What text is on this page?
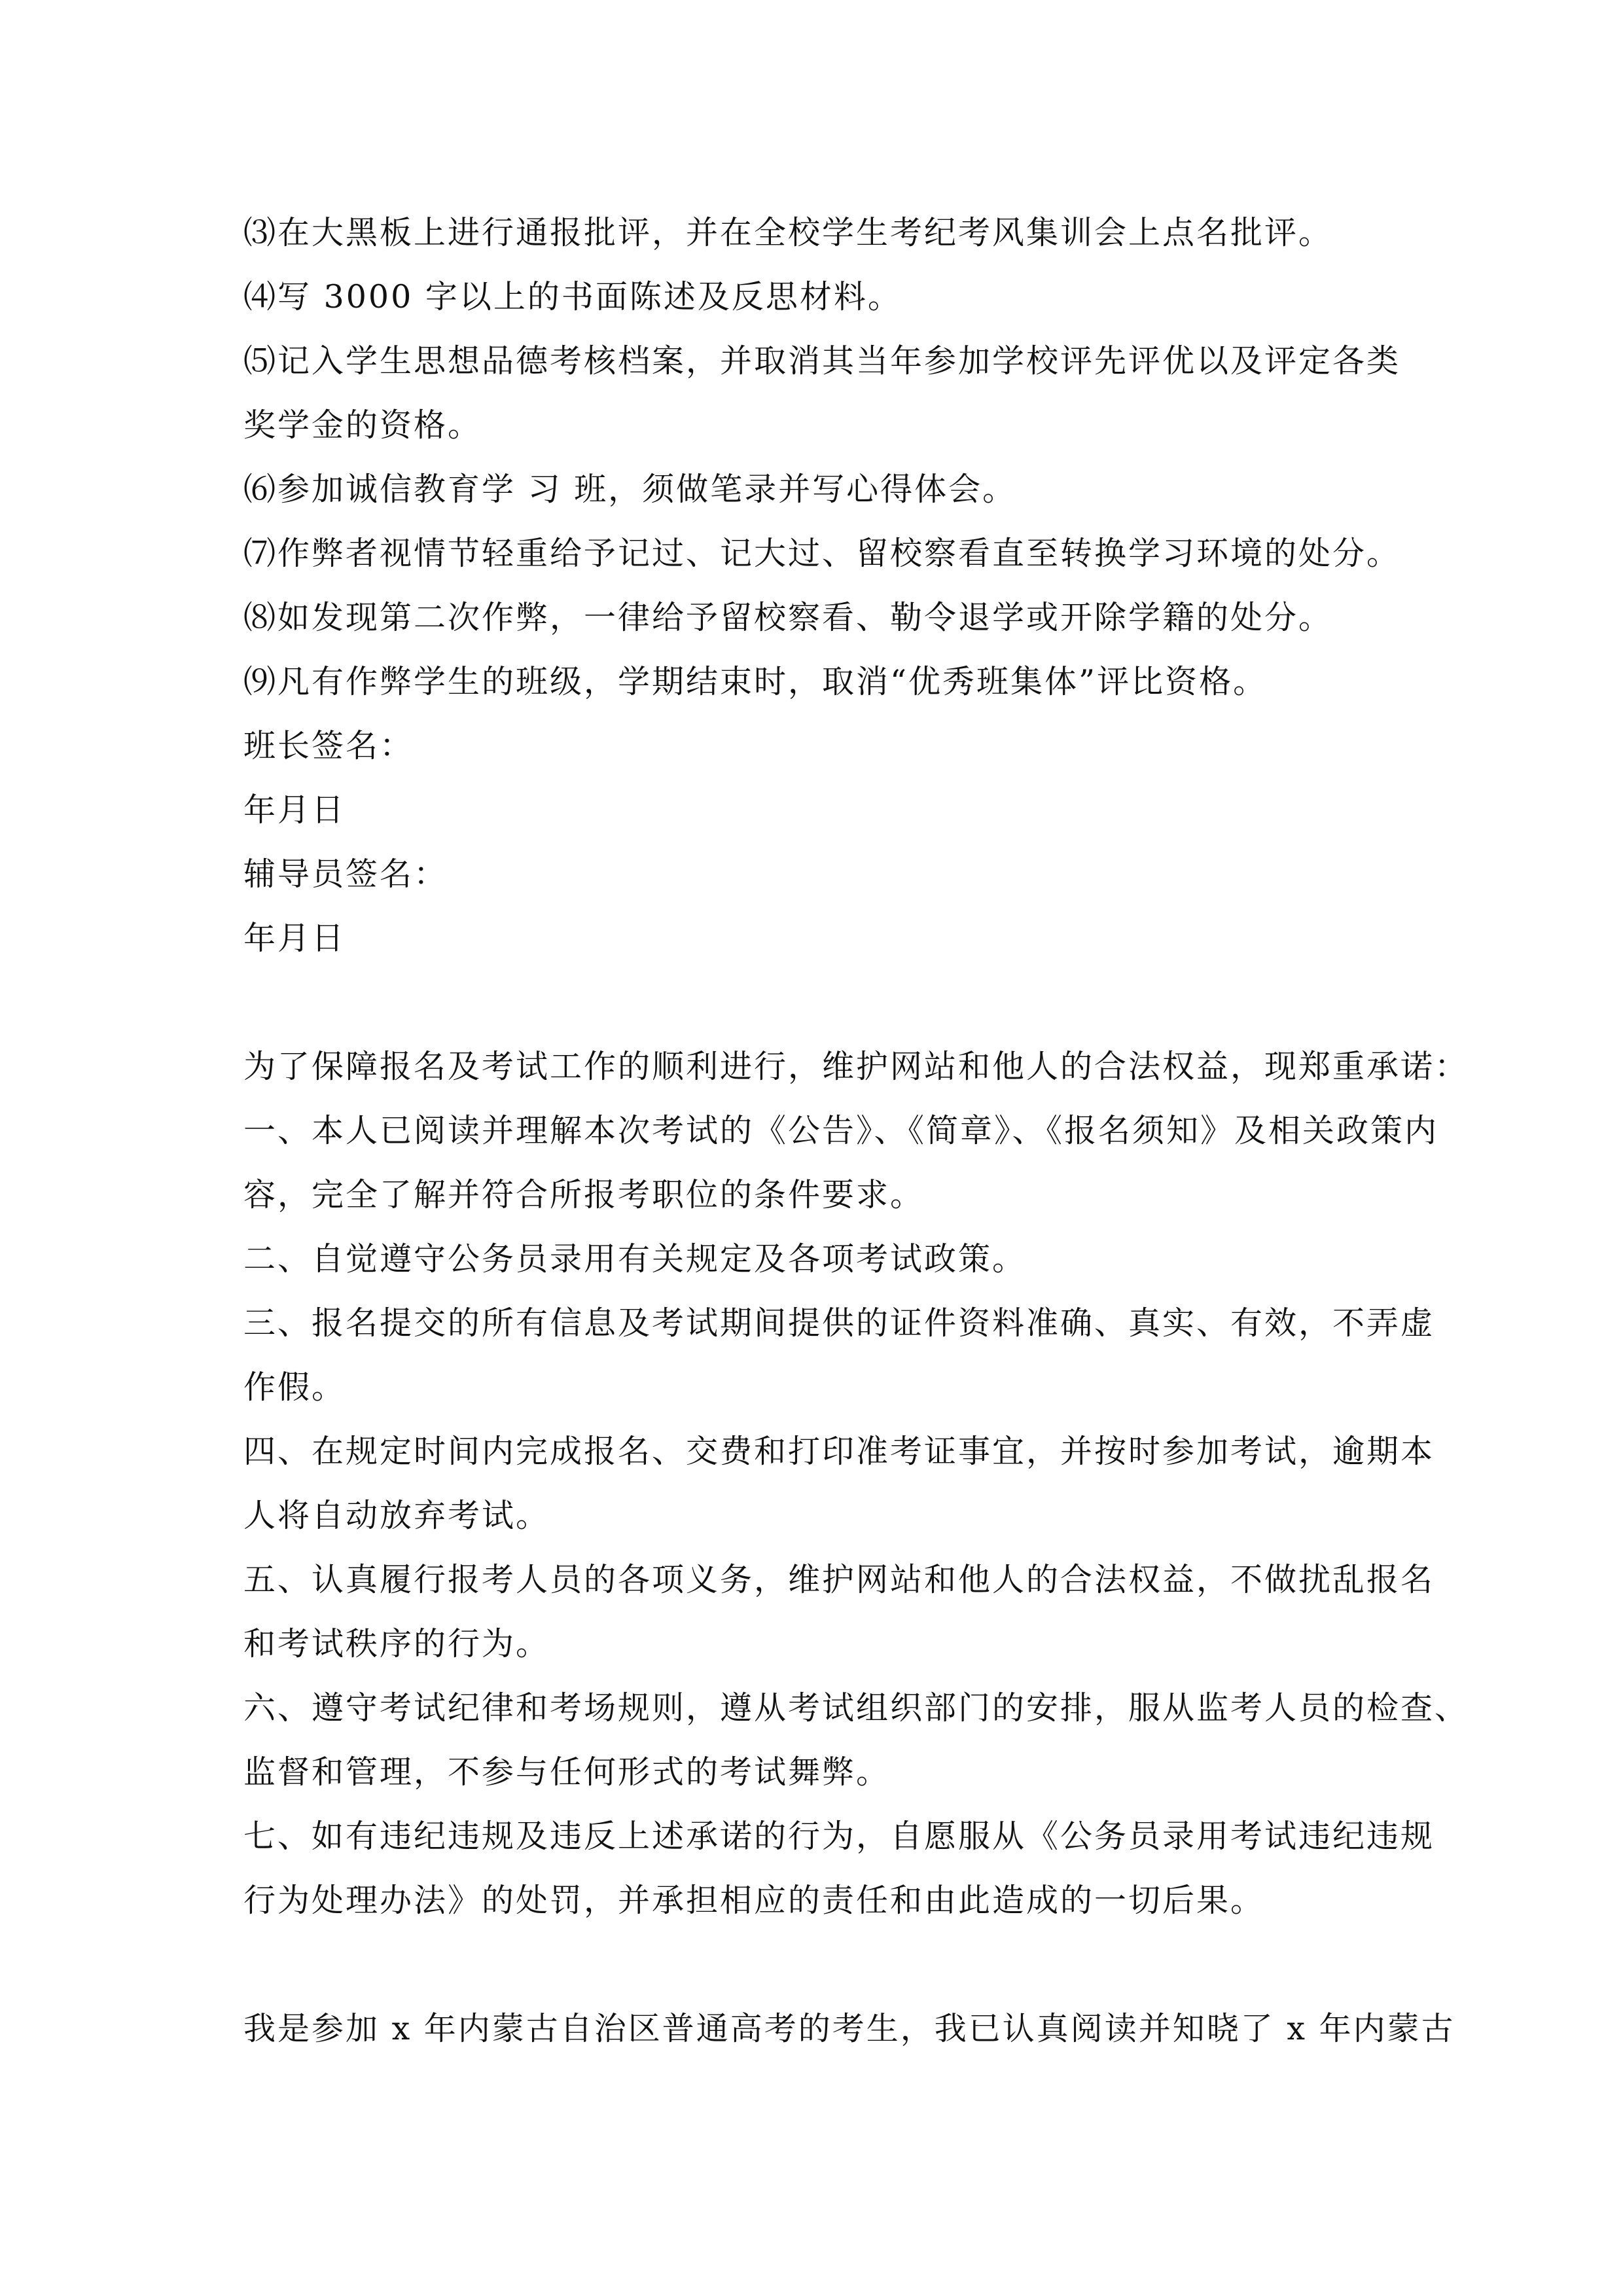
⑶在大黑板上进行通报批评，并在全校学生考纪考风集训会上点名批评。
⑷写 3000 字以上的书面陈述及反思材料。
⑸记入学生思想品德考核档案，并取消其当年参加学校评先评优以及评定各类
奖学金的资格。
⑹参加诚信教育学 习 班，须做笔录并写心得体会。
⑺作弊者视情节轻重给予记过、记大过、留校察看直至转换学习环境的处分。
⑻如发现第二次作弊，一律给予留校察看、勒令退学或开除学籍的处分。
⑼凡有作弊学生的班级，学期结束时，取消“优秀班集体”评比资格。
班长签名：
年月日
辅导员签名：
年月日
为了保障报名及考试工作的顺利进行，维护网站和他人的合法权益，现郑重承诺：
一、本人已阅读并理解本次考试的《公告》、《简章》、《报名须知》及相关政策内
容，完全了解并符合所报考职位的条件要求。
二、自觉遵守公务员录用有关规定及各项考试政策。
三、报名提交的所有信息及考试期间提供的证件资料准确、真实、有效，不弄虚
作假。
四、在规定时间内完成报名、交费和打印准考证事宜，并按时参加考试，逾期本
人将自动放弃考试。
五、认真履行报考人员的各项义务，维护网站和他人的合法权益，不做扰乱报名
和考试秩序的行为。
六、遵守考试纪律和考场规则，遵从考试组织部门的安排，服从监考人员的检查、
监督和管理，不参与任何形式的考试舞弊。
七、如有违纪违规及违反上述承诺的行为，自愿服从《公务员录用考试违纪违规
行为处理办法》的处罚，并承担相应的责任和由此造成的一切后果。
我是参加 x 年内蒙古自治区普通高考的考生，我已认真阅读并知晓了 x 年内蒙古
